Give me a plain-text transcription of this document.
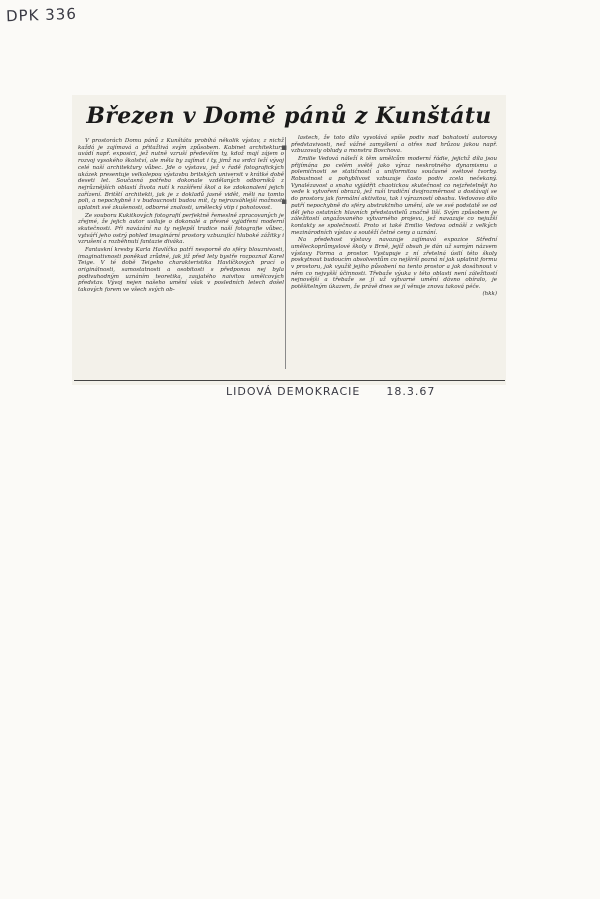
DPK 336
Březen v Domě pánů z Kunštátu

V prostorách Domu pánů z Kunštátu probíhá několik výstav, z nichž každá je zajímavá a přitažlivá svým způsobem. Kabinet architektury uvádí např. exposici, jež nutně vzruší především ty, kdož mají zájem o rozvoj vysokého školství, ale měla by zajímat i ty, jimž na srdci leží vývoj celé naší architektury vůbec. Jde o výstavu, jež v řadě fotografických ukázek presentuje velkolepou výstavbu britských universit v krátké době deseti let. Současná potřeba dokonale vzdělaných odborníků z nejrůznějších oblastí života nutí k rozšíření škol a ke zdokonalení jejich zařízení. Britští architekti, jak je z dokladů jasně vidět, měli na tomto poli, a nepochybně i v budoucnosti budou mít, ty nejrozsáhlejší možnosti uplatnit své zkušenosti, odborné znalosti, umělecký vtip i pohotovost.

Ze souboru Kukitkových fotografií perfektně řemeslně zpracovaných je zřejmé, že jejich autor usiluje o dokonalé a přesné vyjádření moderní skutečnosti. Při navázání na ty nejlepší tradice naší fotografie vůbec, vytváří jeho ostrý pohled imaginární prostory vzbuzující hluboké zážitky i vzrušení a rozběhnutí fantazie diváka.

Fantaskní kresby Karla Havlíčka patří nesporně do sféry blouznivosti, imaginativnosti poněkud zrůdné, jak již před lety bystře rozpoznal Karel Teige. V té době Teigeho charakteristika Havlíčkových prací o originálnosti, samostatnosti a osobitosti s předponou nej byla podivuhodným uznáním teoretika, zaujatého naivitou umělcových představ. Vývoj nejen našeho umění však v posledních letech došel takových forem ve všech svých ob-

▪
▪

lastech, že toto dílo vyvolává spíše podiv nad bohatostí autorovy představivosti, než vážné zamyšlení a otřes nad hrůzou jakou např. vzbuzovaly obludy a monstra Boschova.

Emilie Vedová náleží k těm umělcům moderní řádie, jejichž díla jsou přijímána po celém světě jako výraz neskrotného dynamismu a polemičnosti se statičností a uniformitou současné světové tvorby. Robustnost a pohyblivost vzbuzuje často podiv zcela nečekaný. Vynalézavost a snaha vyjádřit chaotickou skutečnost co nejzřetelněji ho vede k vytvoření obrazů, jež ruší tradiční dvojrozměrnost a dostávají se do prostoru jak formální aktivitou, tak i výrazností obsahu. Vedovovo dílo patří nepochybně do sféry abstraktního umění, ale ve své podstatě se od děl jeho ostatních hlavních představitelů značně liší. Svým způsobem je záležitostí angažovaného výtvarného projevu, jež navazuje co nejužší kontakty se společností. Proto si také Emilio Vedova odnáší z velkých mezinárodních výstav a soutěží četné ceny a uznání.

Na předehost výstavy navazuje zajímavá expozice Střední uměleckoprůmyslové školy v Brně, jejíž obsah je dán už samým názvem výstavy Forma a prostor. Vystupuje z ní zřetelná úsilí této školy poskytnout budoucím absolventům co nejširší pozná ní jak uplatnit formu v prostoru, jak využít jejího působení na tento prostor a jak dosáhnout v něm co nejvyšší účinnosti. Třebaže výuka v této oblasti není záležitostí nejnovější a třebaže se jí už výtvarné umění dávno obíralo, je potěšitelným úkazem, že právě dnes se jí věnuje znovu taková péče.

(hkk)

LIDOVÁ DEMOKRACIE 18.3.67
